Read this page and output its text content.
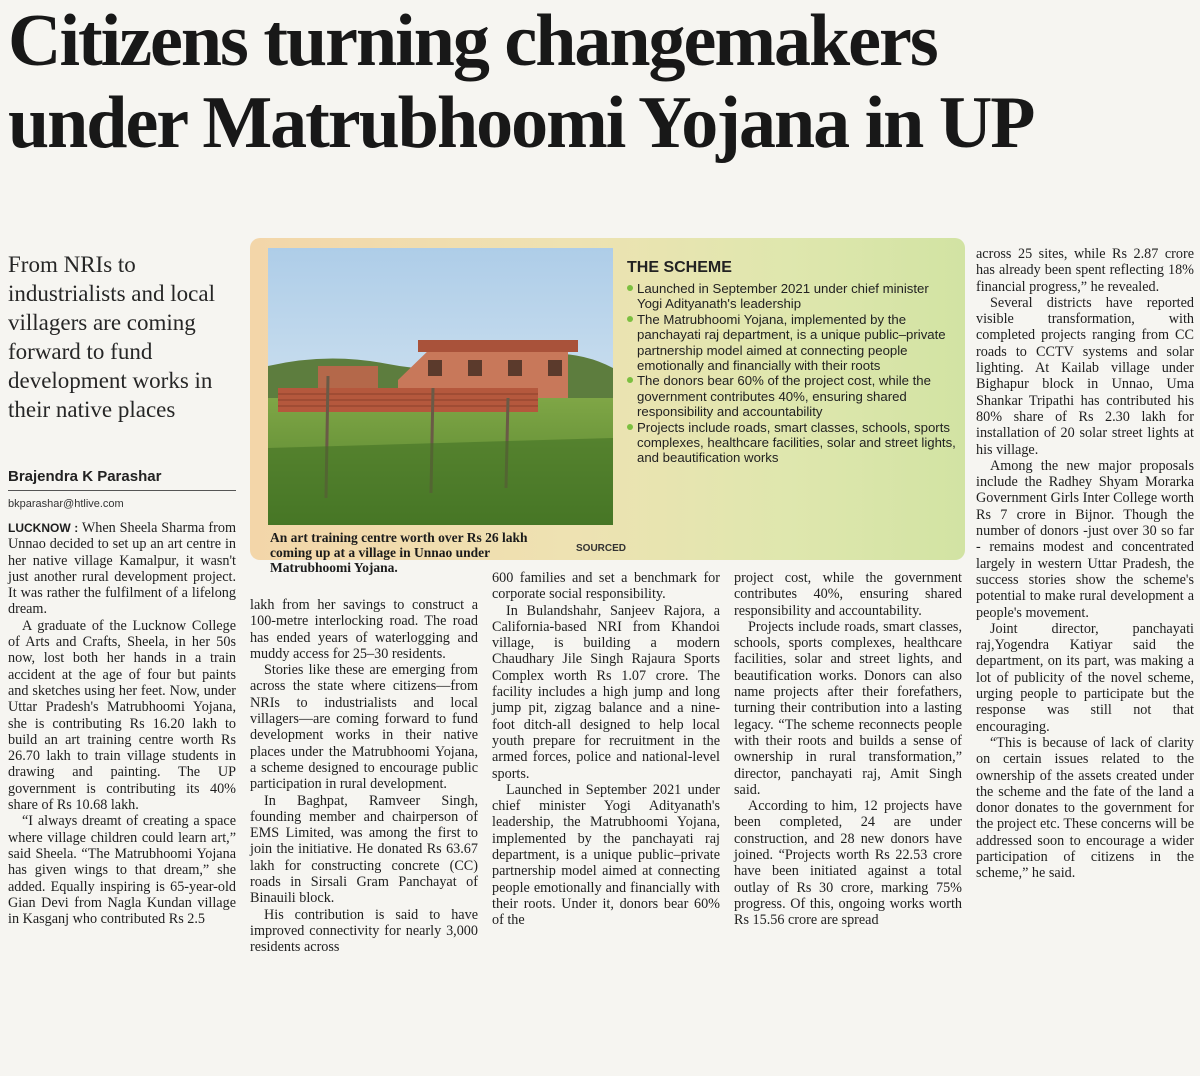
Citizens turning changemakers
under Matrubhoomi Yojana in UP
From NRIs to industrialists and local villagers are coming forward to fund development works in their native places
Brajendra K Parashar
bkparashar@htlive.com
An art training centre worth over Rs 26 lakh coming up at a village in Unnao under Matrubhoomi Yojana.
SOURCED
THE SCHEME
Launched in September 2021 under chief minister Yogi Adityanath's leadership
The Matrubhoomi Yojana, implemented by the panchayati raj department, is a unique public–private partnership model aimed at connecting people emotionally and financially with their roots
The donors bear 60% of the project cost, while the government contributes 40%, ensuring shared responsibility and accountability
Projects include roads, smart classes, schools, sports complexes, healthcare facilities, solar and street lights, and beautification works

LUCKNOW : When Sheela Sharma from Unnao decided to set up an art centre in her native village Kamalpur, it wasn't just another rural development project. It was rather the fulfilment of a lifelong dream.

A graduate of the Lucknow College of Arts and Crafts, Sheela, in her 50s now, lost both her hands in a train accident at the age of four but paints and sketches using her feet. Now, under Uttar Pradesh's Matrubhoomi Yojana, she is contributing Rs 16.20 lakh to build an art training centre worth Rs 26.70 lakh to train village students in drawing and painting. The UP government is contributing its 40% share of Rs 10.68 lakh.

“I always dreamt of creating a space where village children could learn art,” said Sheela. “The Matrubhoomi Yojana has given wings to that dream,” she added. Equally inspiring is 65-year-old Gian Devi from Nagla Kundan village in Kasganj who contributed Rs 2.5

lakh from her savings to construct a 100-metre interlocking road. The road has ended years of waterlogging and muddy access for 25–30 residents.

Stories like these are emerging from across the state where citizens—from NRIs to industrialists and local villagers—are coming forward to fund development works in their native places under the Matrubhoomi Yojana, a scheme designed to encourage public participation in rural development.

In Baghpat, Ramveer Singh, founding member and chairperson of EMS Limited, was among the first to join the initiative. He donated Rs 63.67 lakh for constructing concrete (CC) roads in Sirsali Gram Panchayat of Binauili block.

His contribution is said to have improved connectivity for nearly 3,000 residents across

600 families and set a benchmark for corporate social responsibility.

In Bulandshahr, Sanjeev Rajora, a California-based NRI from Khandoi village, is building a modern Chaudhary Jile Singh Rajaura Sports Complex worth Rs 1.07 crore. The facility includes a high jump and long jump pit, zigzag balance and a nine-foot ditch-all designed to help local youth prepare for recruitment in the armed forces, police and national-level sports.

Launched in September 2021 under chief minister Yogi Adityanath's leadership, the Matrubhoomi Yojana, implemented by the panchayati raj department, is a unique public–private partnership model aimed at connecting people emotionally and financially with their roots. Under it, donors bear 60% of the

project cost, while the government contributes 40%, ensuring shared responsibility and accountability.

Projects include roads, smart classes, schools, sports complexes, healthcare facilities, solar and street lights, and beautification works. Donors can also name projects after their forefathers, turning their contribution into a lasting legacy. “The scheme reconnects people with their roots and builds a sense of ownership in rural transformation,” director, panchayati raj, Amit Singh said.

According to him, 12 projects have been completed, 24 are under construction, and 28 new donors have joined. “Projects worth Rs 22.53 crore have been initiated against a total outlay of Rs 30 crore, marking 75% progress. Of this, ongoing works worth Rs 15.56 crore are spread

across 25 sites, while Rs 2.87 crore has already been spent reflecting 18% financial progress,” he revealed.

Several districts have reported visible transformation, with completed projects ranging from CC roads to CCTV systems and solar lighting. At Kailab village under Bighapur block in Unnao, Uma Shankar Tripathi has contributed his 80% share of Rs 2.30 lakh for installation of 20 solar street lights at his village.

Among the new major proposals include the Radhey Shyam Morarka Government Girls Inter College worth Rs 7 crore in Bijnor. Though the number of donors -just over 30 so far - remains modest and concentrated largely in western Uttar Pradesh, the success stories show the scheme's potential to make rural development a people's movement.

Joint director, panchayati raj,Yogendra Katiyar said the department, on its part, was making a lot of publicity of the novel scheme, urging people to participate but the response was still not that encouraging.

“This is because of lack of clarity on certain issues related to the ownership of the assets created under the scheme and the fate of the land a donor donates to the government for the project etc. These concerns will be addressed soon to encourage a wider participation of citizens in the scheme,” he said.
